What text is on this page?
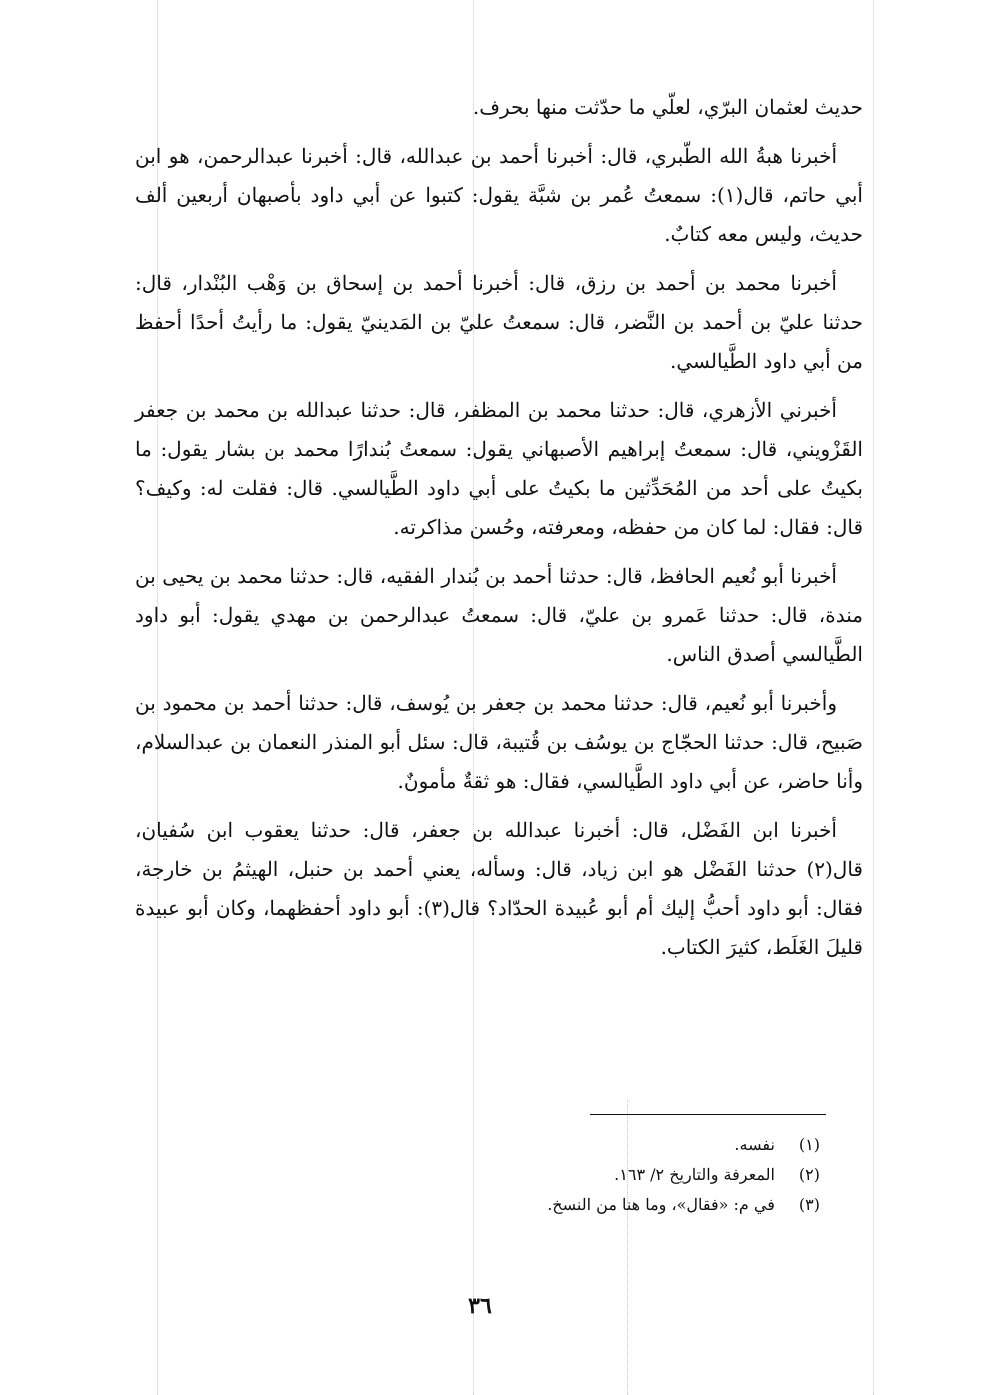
حديث لعثمان البرّي، لعلّي ما حدّثت منها بحرف.

أخبرنا هبةُ الله الطّبري، قال: أخبرنا أحمد بن عبدالله، قال: أخبرنا عبدالرحمن، هو ابن أبي حاتم، قال(١): سمعتُ عُمر بن شبَّة يقول: كتبوا عن أبي داود بأصبهان أربعين ألف حديث، وليس معه كتابٌ.

أخبرنا محمد بن أحمد بن رزق، قال: أخبرنا أحمد بن إسحاق بن وَهْب البُنْدار، قال: حدثنا عليّ بن أحمد بن النَّضر، قال: سمعتُ عليّ بن المَدينيّ يقول: ما رأيتُ أحدًا أحفظ من أبي داود الطَّيالسي.

أخبرني الأزهري، قال: حدثنا محمد بن المظفر، قال: حدثنا عبدالله بن محمد بن جعفر القَزْويني، قال: سمعتُ إبراهيم الأصبهاني يقول: سمعتُ بُندارًا محمد بن بشار يقول: ما بكيتُ على أحد من المُحَدِّثين ما بكيتُ على أبي داود الطَّيالسي. قال: فقلت له: وكيف؟ قال: فقال: لما كان من حفظه، ومعرفته، وحُسن مذاكرته.

أخبرنا أبو نُعيم الحافظ، قال: حدثنا أحمد بن بُندار الفقيه، قال: حدثنا محمد بن يحيى بن مندة، قال: حدثنا عَمرو بن عليّ، قال: سمعتُ عبدالرحمن بن مهدي يقول: أبو داود الطَّيالسي أصدق الناس.

وأخبرنا أبو نُعيم، قال: حدثنا محمد بن جعفر بن يُوسف، قال: حدثنا أحمد بن محمود بن صَبيح، قال: حدثنا الحجّاج بن يوسُف بن قُتيبة، قال: سئل أبو المنذر النعمان بن عبدالسلام، وأنا حاضر، عن أبي داود الطَّيالسي، فقال: هو ثقةٌ مأمونٌ.

أخبرنا ابن الفَضْل، قال: أخبرنا عبدالله بن جعفر، قال: حدثنا يعقوب ابن سُفيان، قال(٢) حدثنا الفَضْل هو ابن زياد، قال: وسأله، يعني أحمد بن حنبل، الهيثمُ بن خارجة، فقال: أبو داود أحبُّ إليك أم أبو عُبيدة الحدّاد؟ قال(٣): أبو داود أحفظهما، وكان أبو عبيدة قليلَ الغَلَط، كثيرَ الكتاب.

(١) نفسه.
(٢) المعرفة والتاريخ ٢/ ١٦٣.
(٣) في م: «فقال»، وما هنا من النسخ.
٣٦
